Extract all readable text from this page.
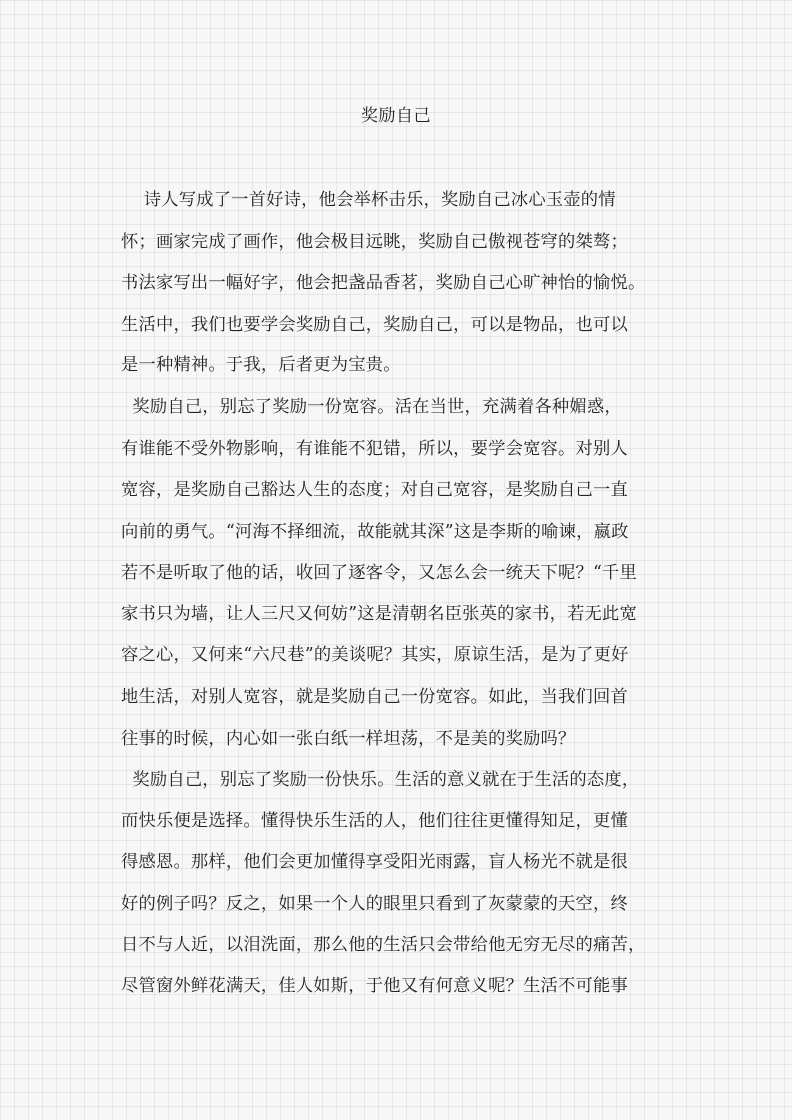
奖励自己
诗人写成了一首好诗，他会举杯击乐，奖励自己冰心玉壶的情
怀；画家完成了画作，他会极目远眺，奖励自己傲视苍穹的桀骜；
书法家写出一幅好字，他会把盏品香茗，奖励自己心旷神怡的愉悦。
生活中，我们也要学会奖励自己，奖励自己，可以是物品，也可以
是一种精神。于我，后者更为宝贵。
奖励自己，别忘了奖励一份宽容。活在当世，充满着各种媚惑，
有谁能不受外物影响，有谁能不犯错，所以，要学会宽容。对别人
宽容，是奖励自己豁达人生的态度；对自己宽容，是奖励自己一直
向前的勇气。“河海不择细流，故能就其深”这是李斯的喻谏，嬴政
若不是听取了他的话，收回了逐客令，又怎么会一统天下呢？“千里
家书只为墙，让人三尺又何妨”这是清朝名臣张英的家书，若无此宽
容之心，又何来“六尺巷”的美谈呢？其实，原谅生活，是为了更好
地生活，对别人宽容，就是奖励自己一份宽容。如此，当我们回首
往事的时候，内心如一张白纸一样坦荡，不是美的奖励吗？
奖励自己，别忘了奖励一份快乐。生活的意义就在于生活的态度，
而快乐便是选择。懂得快乐生活的人，他们往往更懂得知足，更懂
得感恩。那样，他们会更加懂得享受阳光雨露，盲人杨光不就是很
好的例子吗？反之，如果一个人的眼里只看到了灰蒙蒙的天空，终
日不与人近，以泪洗面，那么他的生活只会带给他无穷无尽的痛苦，
尽管窗外鲜花满天，佳人如斯，于他又有何意义呢？生活不可能事
